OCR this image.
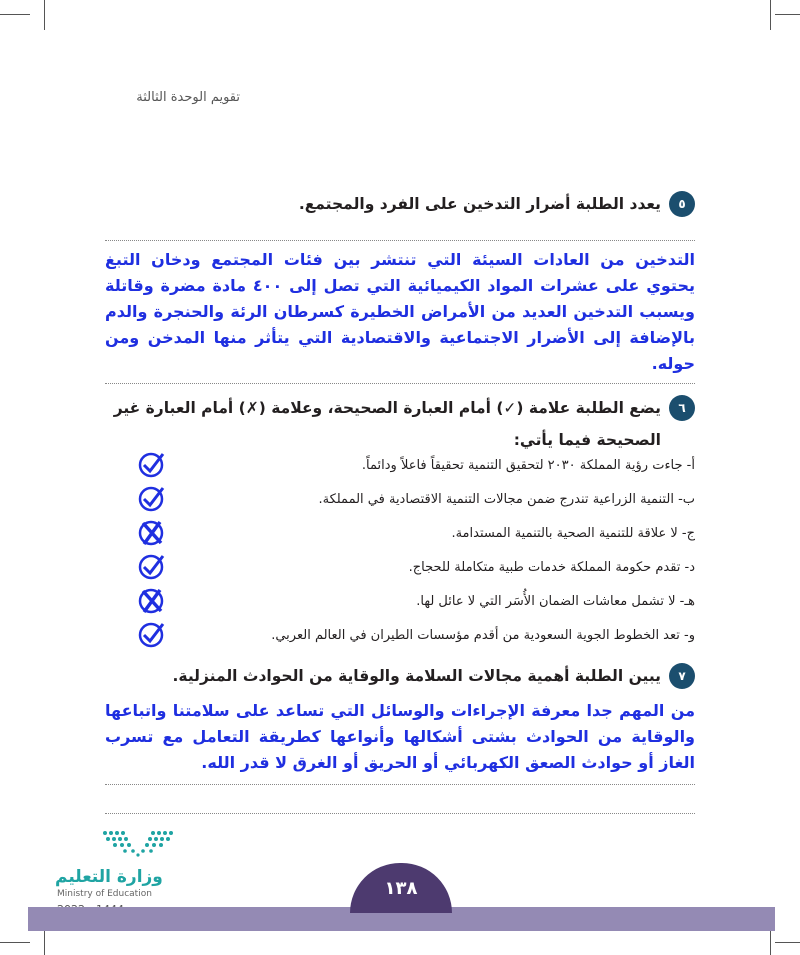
تقويم الوحدة الثالثة
٥
يعدد الطلبة أضرار التدخين على الفرد والمجتمع.
التدخين من العادات السيئة التي تنتشر بين فئات المجتمع ودخان التبغ يحتوي على عشرات المواد الكيميائية التي تصل إلى ٤٠٠ مادة مضرة وقاتلة ويسبب التدخين العديد من الأمراض الخطيرة كسرطان الرئة والحنجرة والدم بالإضافة إلى الأضرار الاجتماعية والاقتصادية التي يتأثر منها المدخن ومن حوله.
٦
يضع الطلبة علامة (✓) أمام العبارة الصحيحة، وعلامة (✗) أمام العبارة غير الصحيحة فيما يأتي:
أ- جاءت رؤية المملكة ٢٠٣٠ لتحقيق التنمية تحقيقاً فاعلاً ودائماً.
ب- التنمية الزراعية تندرج ضمن مجالات التنمية الاقتصادية في المملكة.
ج- لا علاقة للتنمية الصحية بالتنمية المستدامة.
د- تقدم حكومة المملكة خدمات طبية متكاملة للحجاج.
هـ- لا تشمل معاشات الضمان الأُسَر التي لا عائل لها.
و- تعد الخطوط الجوية السعودية من أقدم مؤسسات الطيران في العالم العربي.
٧
يبين الطلبة أهمية مجالات السلامة والوقاية من الحوادث المنزلية.
من المهم جدا معرفة الإجراءات والوسائل التي تساعد على سلامتنا واتباعها والوقاية من الحوادث بشتى أشكالها وأنواعها كطريقة التعامل مع تسرب الغاز أو حوادث الصعق الكهربائي أو الحريق أو الغرق لا قدر الله.
وزارة التعليم
Ministry of Education	١٣٨
